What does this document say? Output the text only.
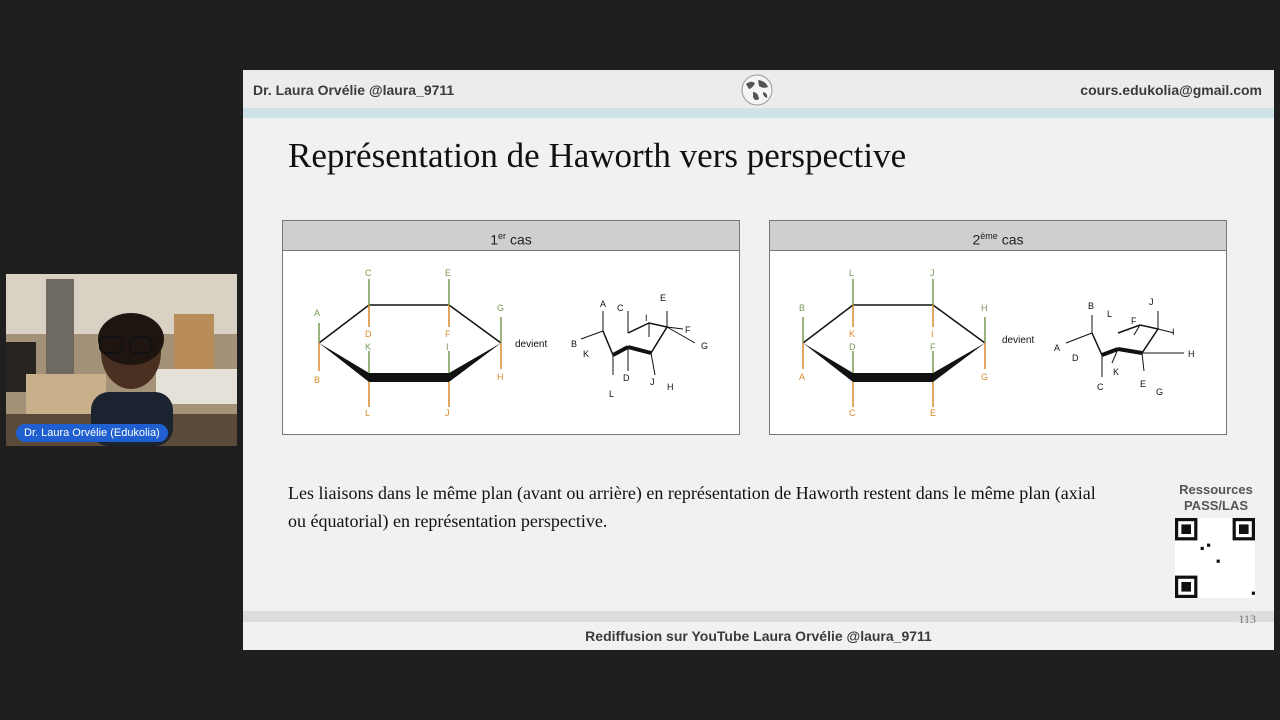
Dr. Laura Orvélie (Edukolia)
Dr. Laura Orvélie @laura_9711	cours.edukolia@gmail.com
Représentation de Haworth vers perspective
1er cas
A
B
C
D
E
F
G
H
K
L
I
J
devient
A
B
C
D
E
F
G
H
I
J
K
L
2ème cas
B
A
L
K
J
I
H
G
D
C
F
E
devient
A
B
C
D
E
F
G
H
I
J
K
L
Les liaisons dans le même plan (avant ou arrière) en représentation de Haworth restent dans le même plan (axial ou équatorial) en représentation perspective.
Ressources
PASS/LAS
113
Rediffusion sur YouTube Laura Orvélie @laura_9711
